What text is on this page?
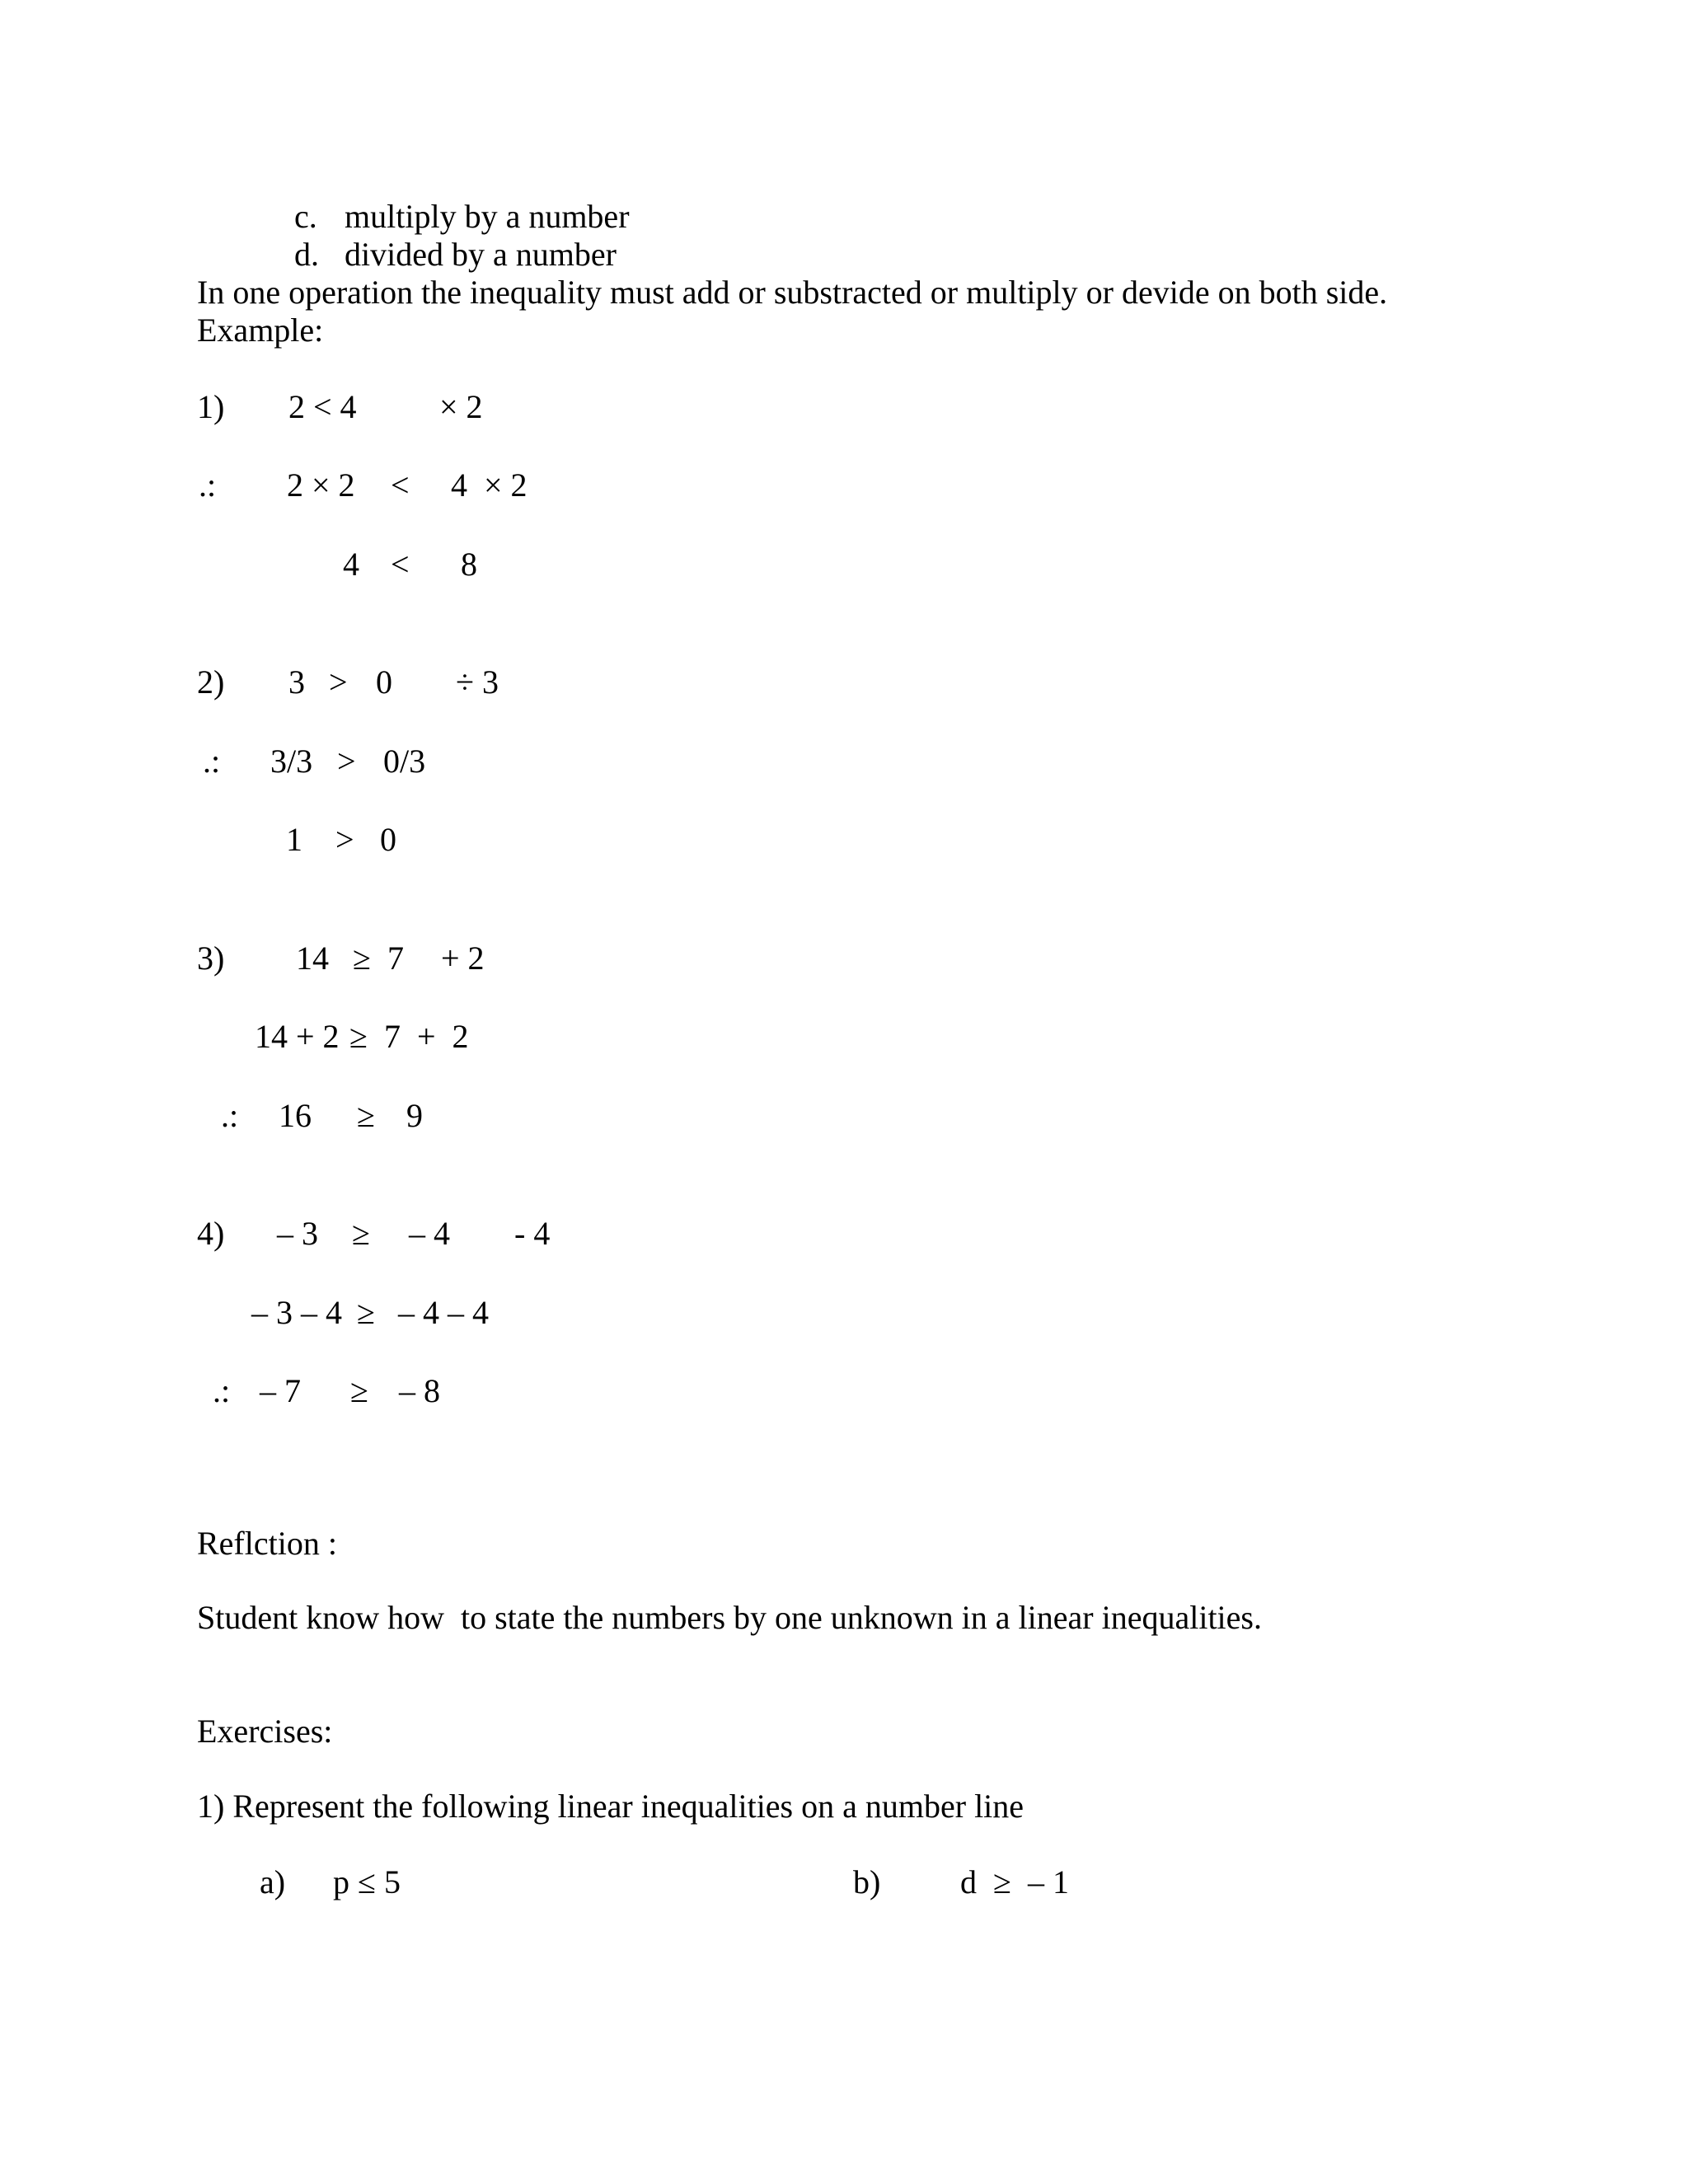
c. multiply by a number
d. divided by a number
In one operation the inequality must add or substracted or multiply or devide on both side.
Example:
1) 2 < 4	× 2
.: 2 × 2 < 4  × 2
4 < 8
2) 3 > 0 ÷ 3
.: 3/3 > 0/3
1 > 0
3) 14 ≥ 7 + 2
14 + 2 ≥ 7  +  2
.: 16 ≥ 9
4) – 3 ≥ – 4 - 4
– 3 – 4 ≥ – 4 – 4
.: – 7 ≥ – 8
Reflction :
Student know how  to state the numbers by one unknown in a linear inequalities.
Exercises:
1) Represent the following linear inequalities on a number line
a) p ≤ 5	b) d  ≥  – 1
